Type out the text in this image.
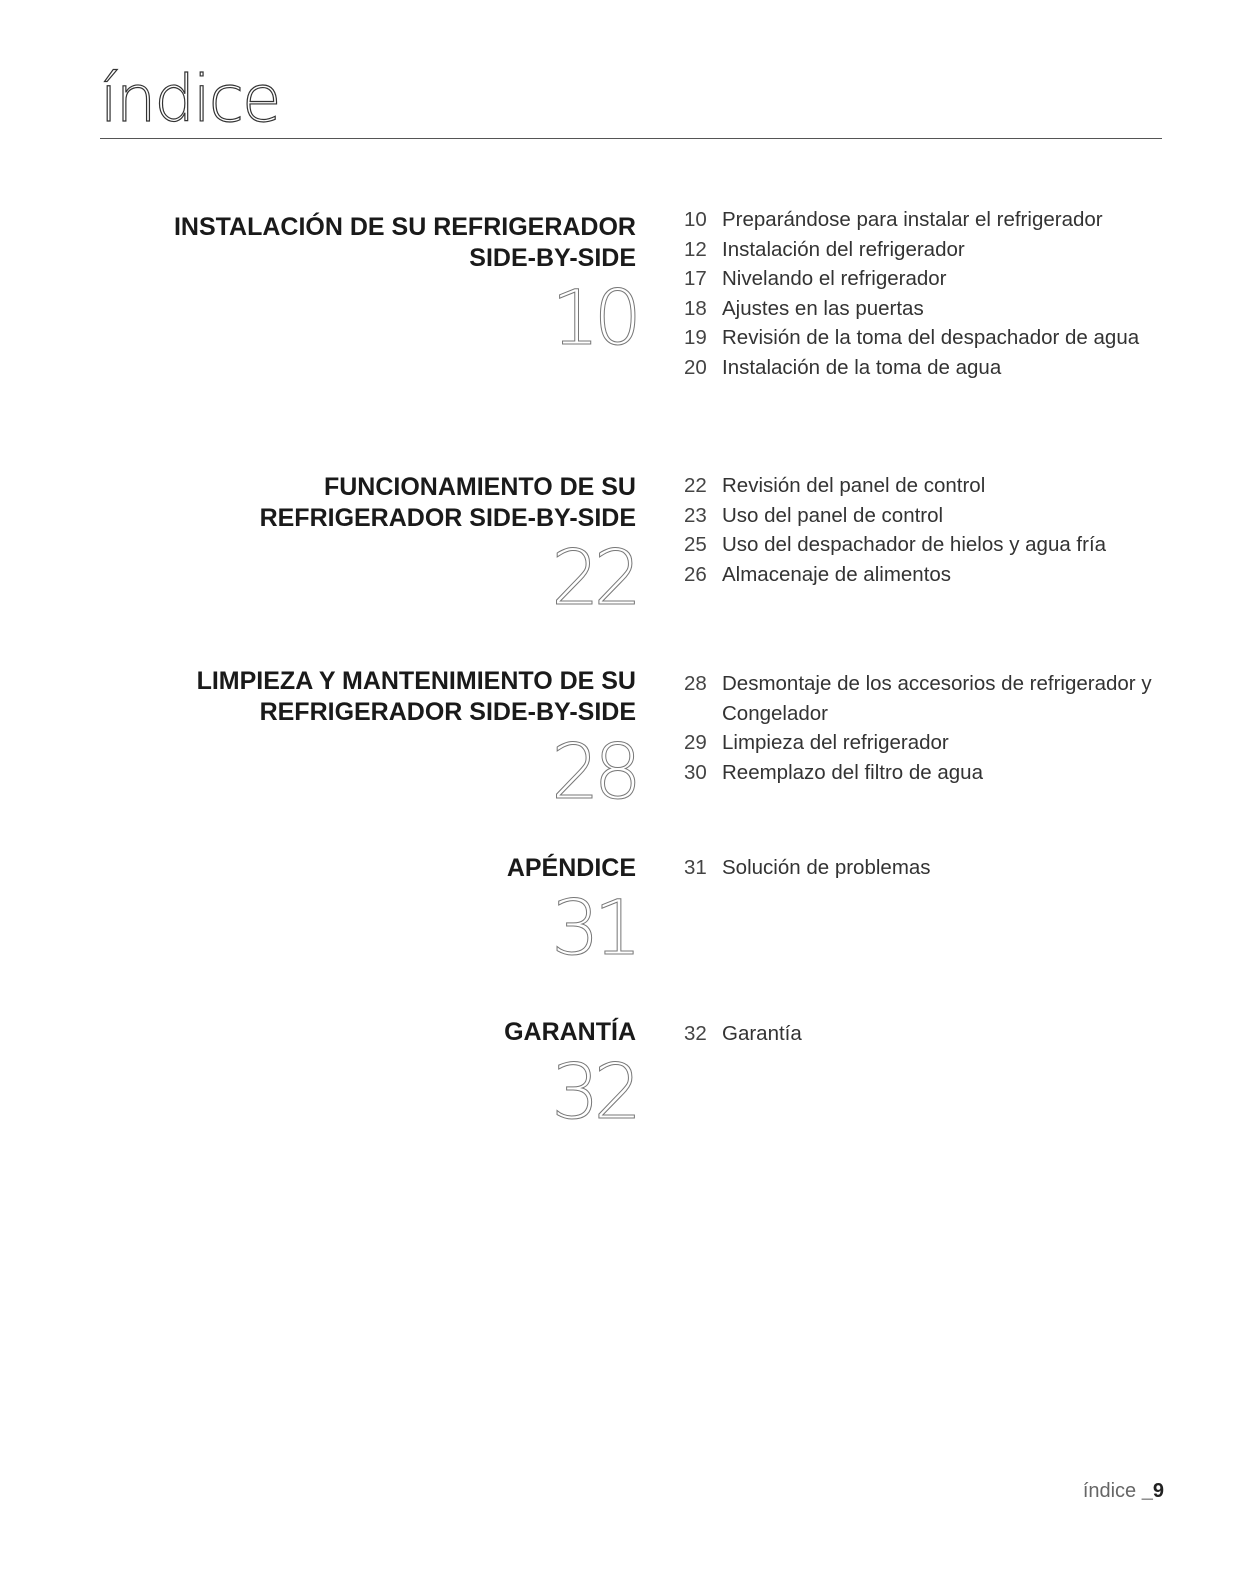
índice
INSTALACIÓN DE SU REFRIGERADOR
SIDE-BY-SIDE
10
10 Preparándose para instalar el refrigerador
12 Instalación del refrigerador
17 Nivelando el refrigerador
18 Ajustes en las puertas
19 Revisión de la toma del despachador de agua
20 Instalación de la toma de agua
FUNCIONAMIENTO DE SU
REFRIGERADOR SIDE-BY-SIDE
22
22 Revisión del panel de control
23 Uso del panel de control
25 Uso del despachador de hielos y agua fría
26 Almacenaje de alimentos
LIMPIEZA Y MANTENIMIENTO DE SU
REFRIGERADOR SIDE-BY-SIDE
28
28 Desmontaje de los accesorios de refrigerador y Congelador
29 Limpieza del refrigerador
30 Reemplazo del filtro de agua
APÉNDICE
31
31 Solución de problemas
GARANTÍA
32
32 Garantía
índice _9
